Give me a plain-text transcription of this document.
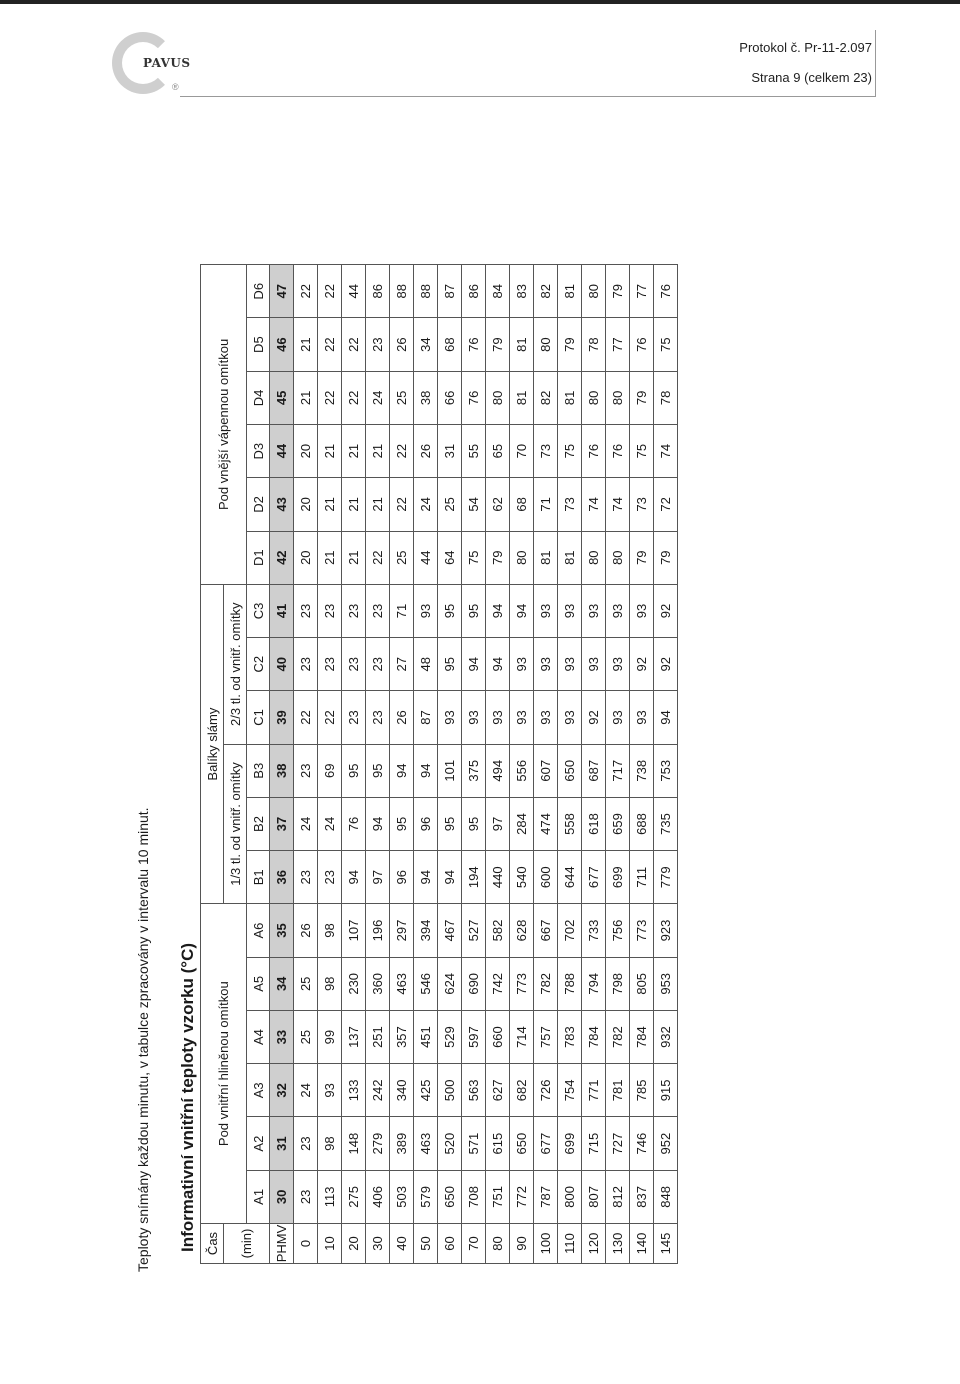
PAVUS
®
Protokol č. Pr-11-2.097
Strana 9 (celkem 23)
Informativní vnitřní teploty vzorku (°C)
Teploty snímány každou minutu, v tabulce zpracovány v intervalu 10 minut.	Čas	Pod vnitřní hliněnou omítkou						Balíky slámy						Pod vnější vápennou omítkou					
(min)							1/3 tl. od vnitř. omítky			2/3 tl. od vnitř. omítky								
	A1	A2	A3	A4	A5	A6	B1	B2	B3	C1	C2	C3	D1	D2	D3	D4	D5	D6
PHMV	30	31	32	33	34	35	36	37	38	39	40	41	42	43	44	45	46	47
0	23	23	24	25	25	26	23	24	23	22	23	23	20	20	20	21	21	22
10	113	98	93	99	98	98	23	24	69	22	23	23	21	21	21	22	22	22
20	275	148	133	137	230	107	94	76	95	23	23	23	21	21	21	22	22	44
30	406	279	242	251	360	196	97	94	95	23	23	23	22	21	21	24	23	86
40	503	389	340	357	463	297	96	95	94	26	27	71	25	22	22	25	26	88
50	579	463	425	451	546	394	94	96	94	87	48	93	44	24	26	38	34	88
60	650	520	500	529	624	467	94	95	101	93	95	95	64	25	31	66	68	87
70	708	571	563	597	690	527	194	95	375	93	94	95	75	54	55	76	76	86
80	751	615	627	660	742	582	440	97	494	93	94	94	79	62	65	80	79	84
90	772	650	682	714	773	628	540	284	556	93	93	94	80	68	70	81	81	83
100	787	677	726	757	782	667	600	474	607	93	93	93	81	71	73	82	80	82
110	800	699	754	783	788	702	644	558	650	93	93	93	81	73	75	81	79	81
120	807	715	771	784	794	733	677	618	687	92	93	93	80	74	76	80	78	80
130	812	727	781	782	798	756	699	659	717	93	93	93	80	74	76	80	77	79
140	837	746	785	784	805	773	711	688	738	93	92	93	79	73	75	79	76	77
145	848	952	915	932	953	923	779	735	753	94	92	92	79	72	74	78	75	76
